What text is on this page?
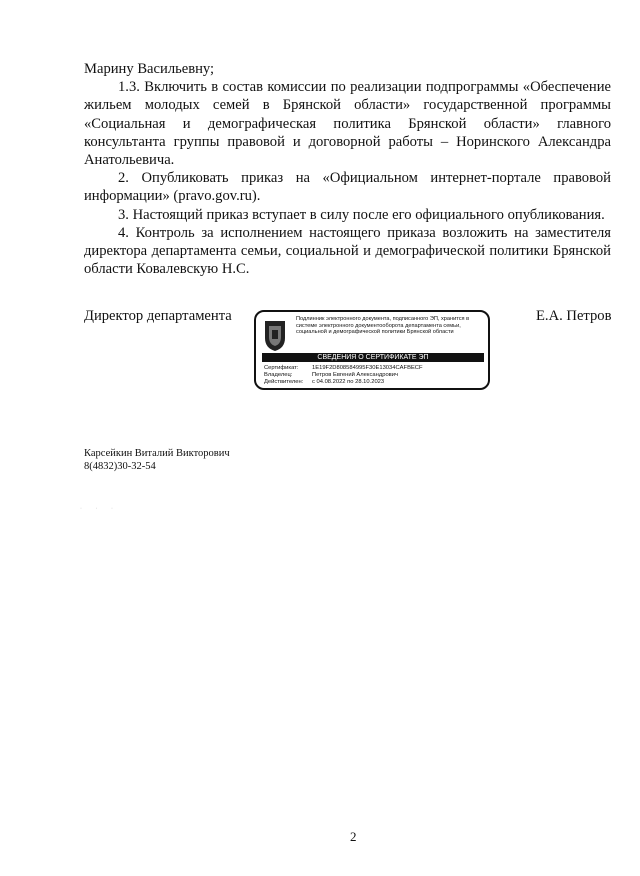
Марину Васильевну;

1.3. Включить в состав комиссии по реализации подпрограммы «Обеспечение жильем молодых семей в Брянской области» государственной программы «Социальная и демографическая политика Брянской области» главного консультанта группы правовой и договорной работы – Норинского Александра Анатольевича.

2. Опубликовать приказ на «Официальном интернет-портале правовой информации» (pravo.gov.ru).

3. Настоящий приказ вступает в силу после его официального опубликования.

4. Контроль за исполнением настоящего приказа возложить на заместителя директора департамента семьи, социальной и демографической политики Брянской области Ковалевскую Н.С.

Директор департамента	Подлинник электронного документа, подписанного ЭП, хранится в системе электронного документооборота департамента семьи, социальной и демографической политики Брянской области
СВЕДЕНИЯ О СЕРТИФИКАТЕ ЭП
Сертификат:	1E19F2D808584995F30E13034CAFBECF
Владелец:	Петров Евгений Александрович
Действителен:	с 04.08.2022 по 28.10.2023
Е.А. Петров
Карсейкин Виталий Викторович
8(4832)30-32-54
· · ·
2
